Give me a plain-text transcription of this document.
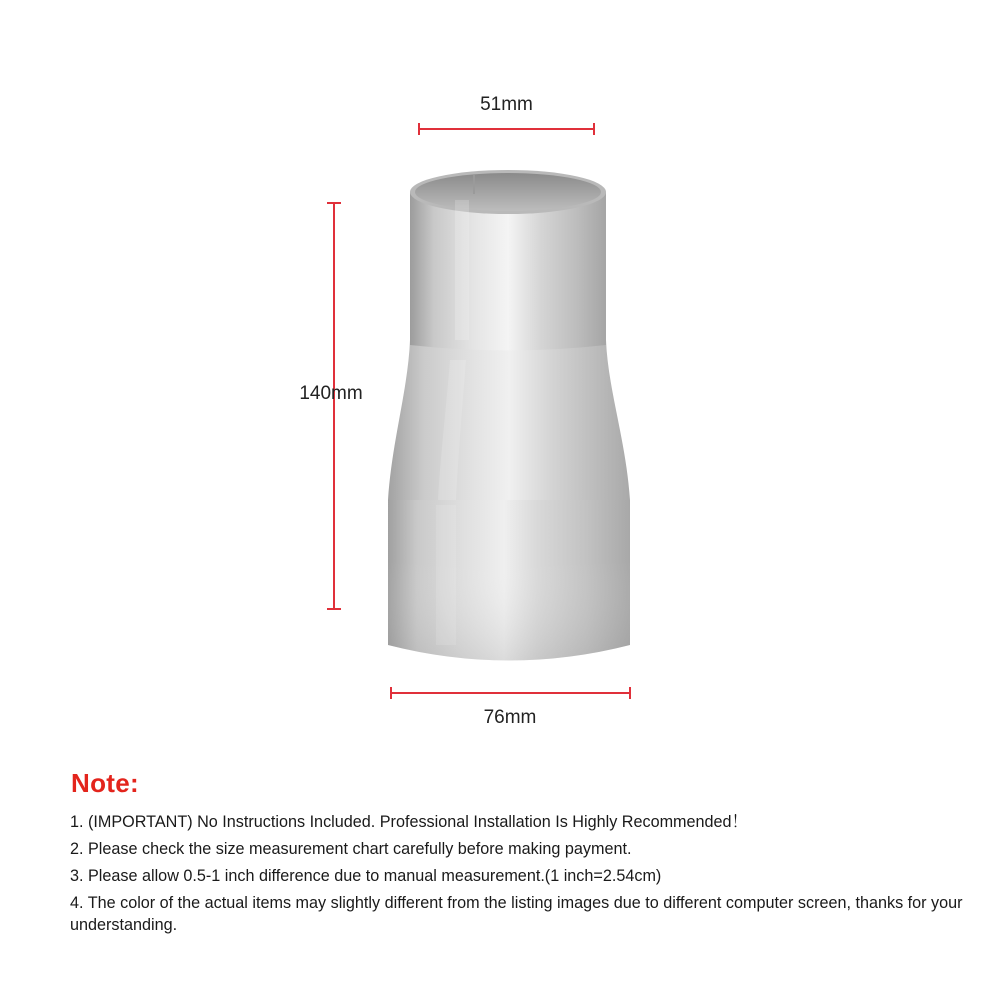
51mm
140mm
76mm
Note:
1. (IMPORTANT) No Instructions Included. Professional Installation Is Highly Recommended！
2. Please check the size measurement chart carefully before making payment.
3. Please allow 0.5-1 inch difference due to manual measurement.(1 inch=2.54cm)
4. The color of the actual items may slightly different from the listing images due to different computer screen, thanks for your understanding.
